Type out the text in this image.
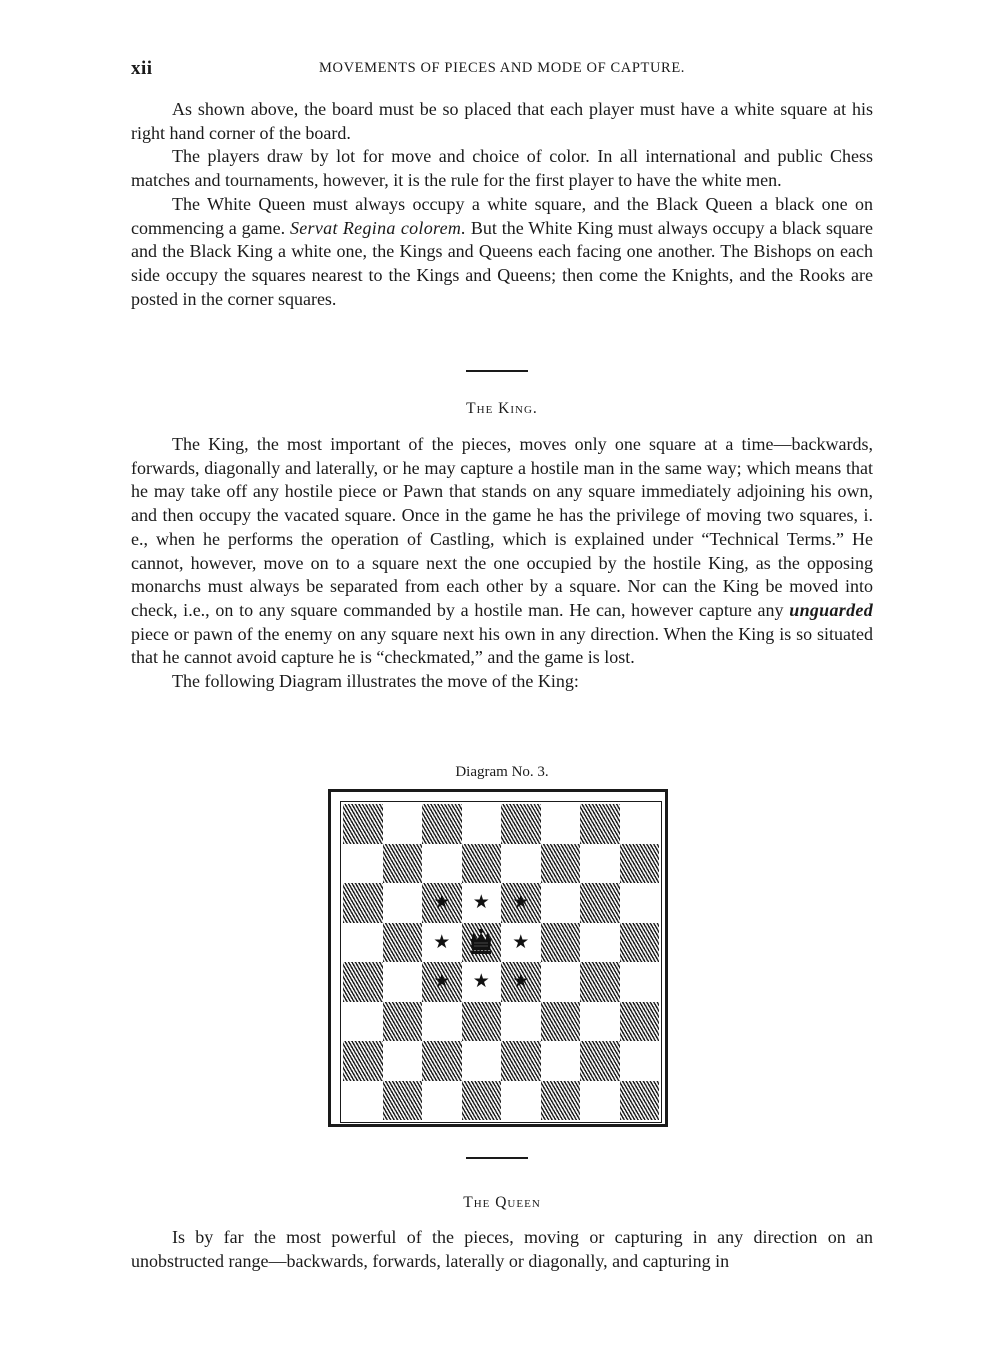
xii	MOVEMENTS OF PIECES AND MODE OF CAPTURE.

As shown above, the board must be so placed that each player must have a white square at his right hand corner of the board.

The players draw by lot for move and choice of color. In all international and public Chess matches and tournaments, however, it is the rule for the first player to have the white men.

The White Queen must always occupy a white square, and the Black Queen a black one on commencing a game. Servat Regina colorem. But the White King must always occupy a black square and the Black King a white one, the Kings and Queens each facing one another. The Bishops on each side occupy the squares nearest to the Kings and Queens; then come the Knights, and the Rooks are posted in the corner squares.

The King.

The King, the most important of the pieces, moves only one square at a time—backwards, forwards, diagonally and laterally, or he may capture a hostile man in the same way; which means that he may take off any hostile piece or Pawn that stands on any square immediately adjoining his own, and then occupy the vacated square. Once in the game he has the privilege of moving two squares, i. e., when he performs the operation of Castling, which is explained under “Technical Terms.” He cannot, however, move on to a square next the one occupied by the hostile King, as the opposing monarchs must always be separated from each other by a square. Nor can the King be moved into check, i.e., on to any square commanded by a hostile man. He can, however capture any unguarded piece or pawn of the enemy on any square next his own in any direction. When the King is so situated that he cannot avoid capture he is “checkmated,” and the game is lost.

The following Diagram illustrates the move of the King:

Diagram No. 3.
★ ★ ★
★	★
★ ★ ★
The Queen

Is by far the most powerful of the pieces, moving or capturing in any direction on an unobstructed range—backwards, forwards, laterally or diagonally, and capturing in
